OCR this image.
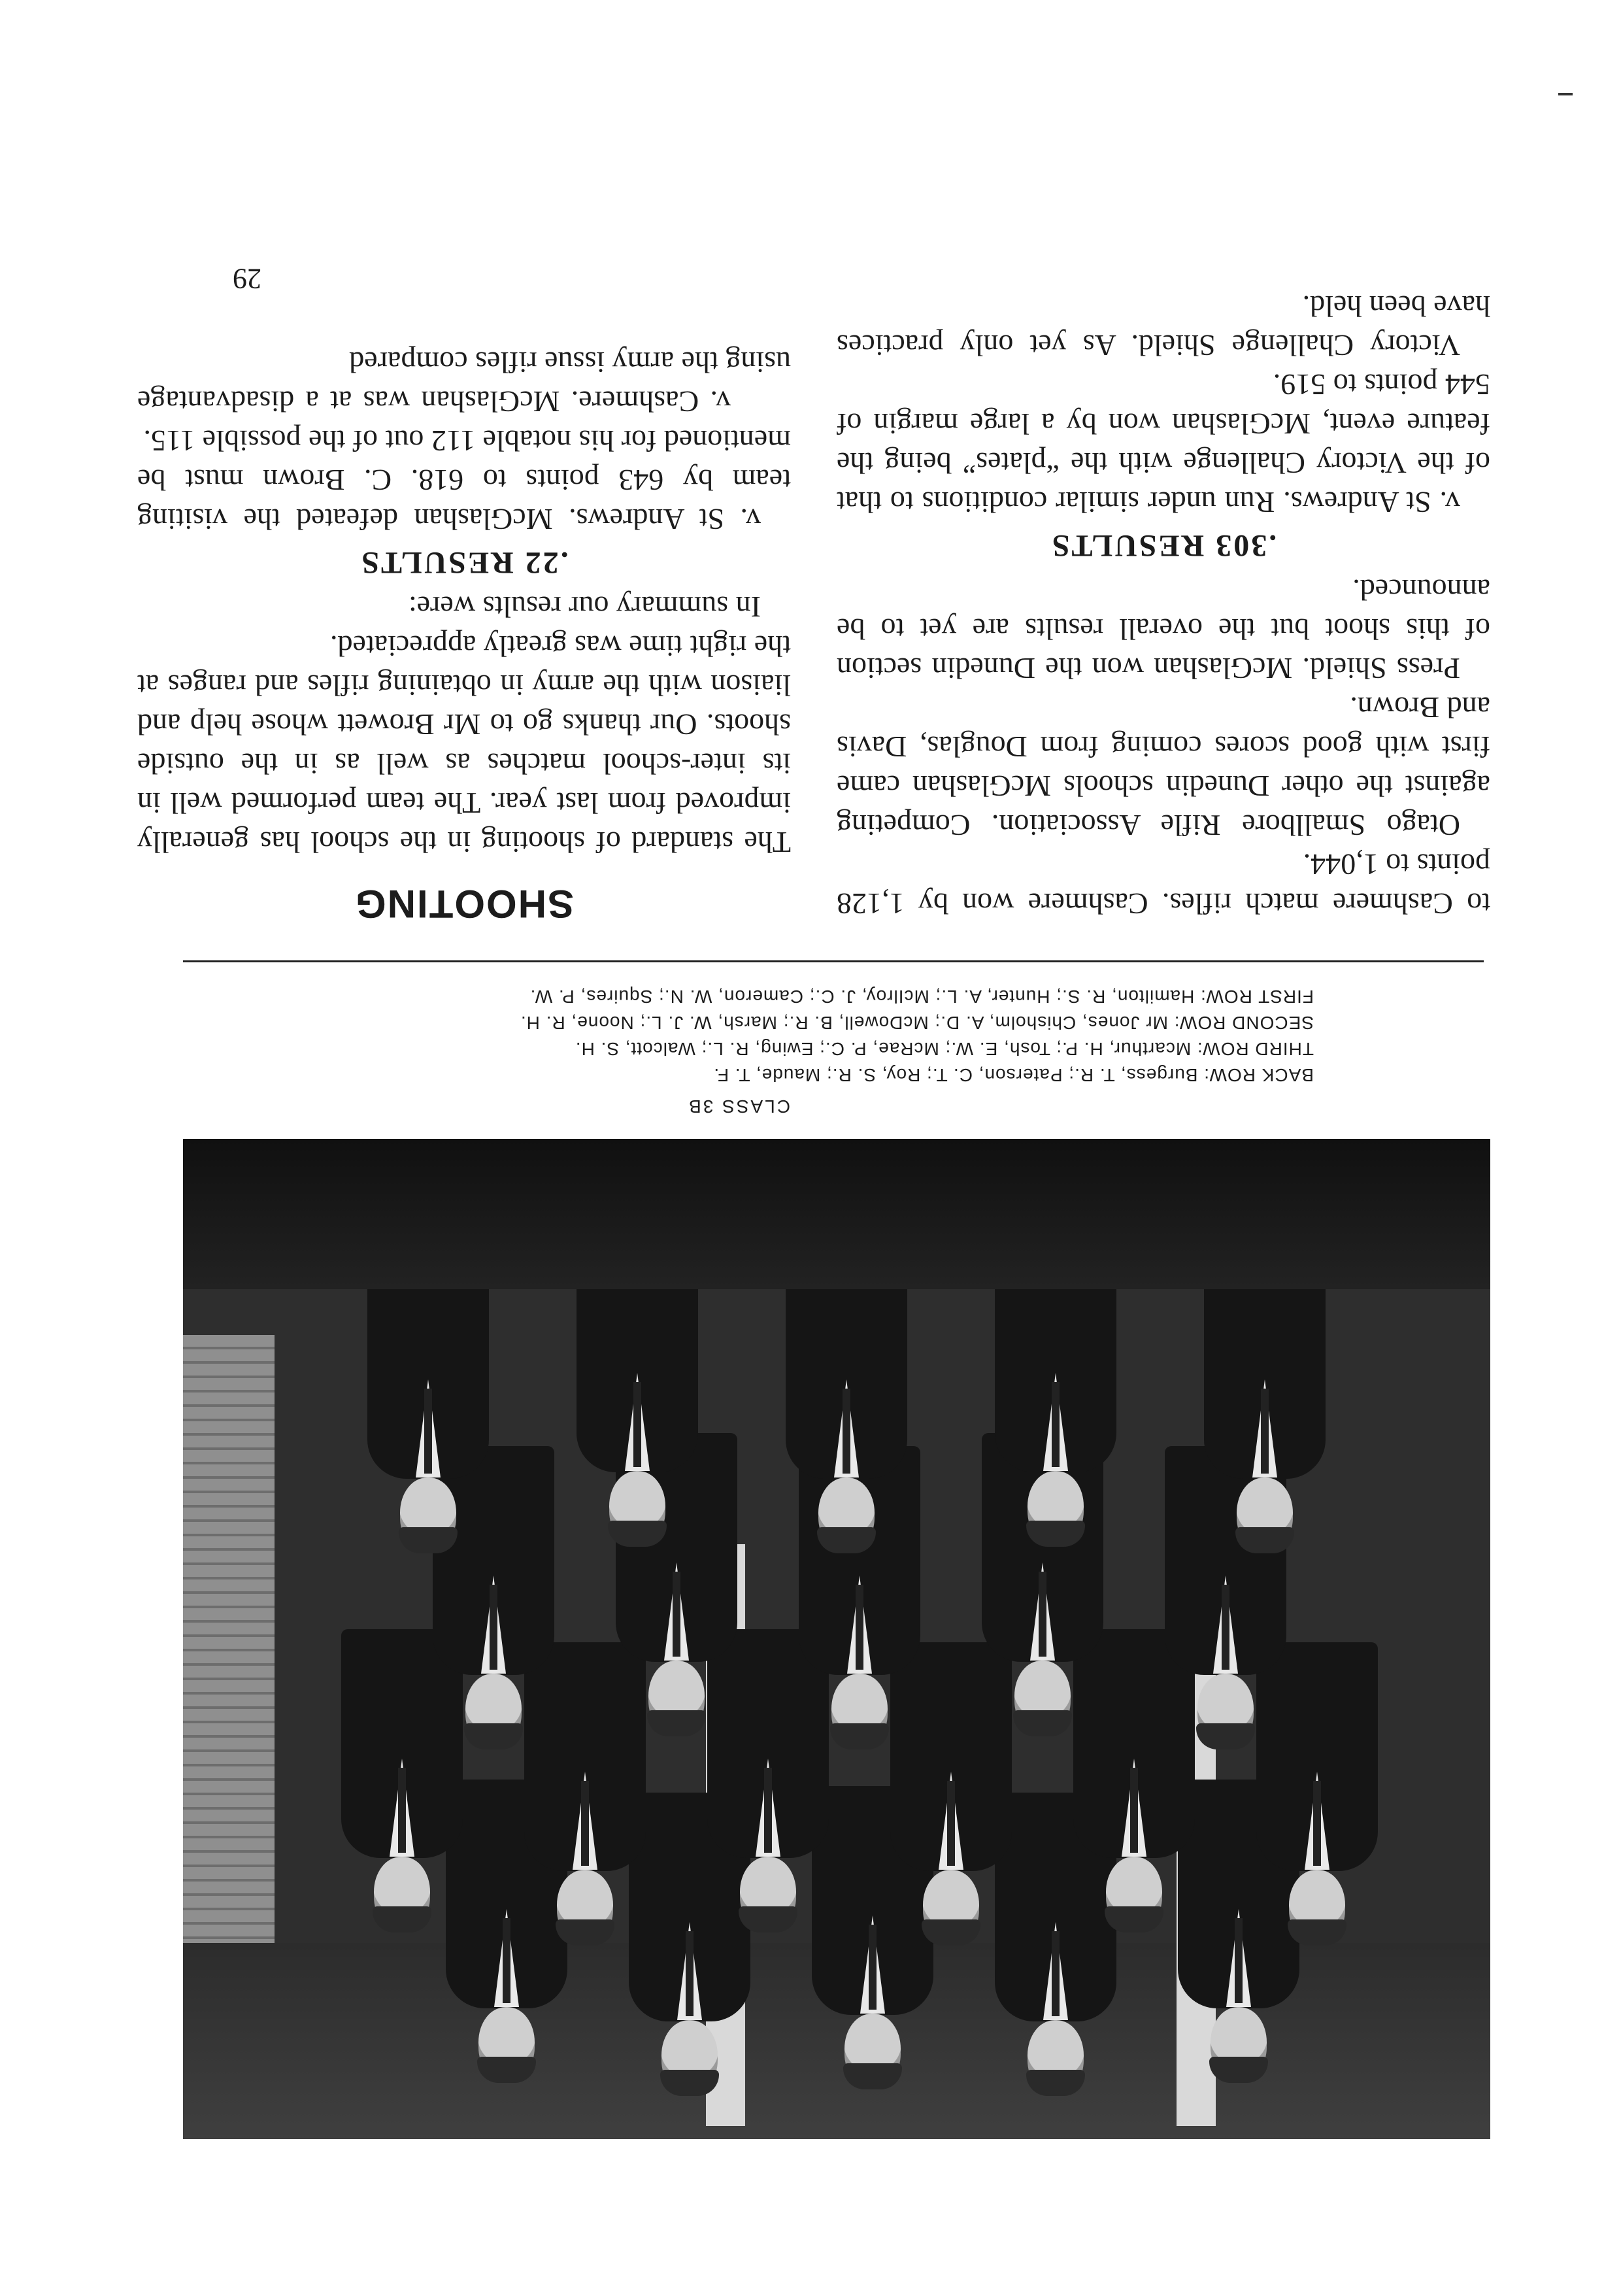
CLASS 3B
BACK ROW: Burgess, T. R.; Paterson, C. T.; Roy, S. R.; Maude, T. F.
THIRD ROW: Mcarthur, H. P.; Tosh, E. W.; McRae, P. C.; Ewing, R. L.; Walcott, S. H.
SECOND ROW: Mr Jones, Chisholm, A. D.; McDowell, B. R.; Marsh, W. J. L.; Noone, R. H.
FIRST ROW: Hamilton, R. S.; Hunter, A. L.; McIlroy, J. C.; Cameron, W. N.; Squires, P. W.
SHOOTING

The standard of shooting in the school has generally improved from last year. The team performed well in its inter-school matches as well as in the outside shoots. Our thanks go to Mr Browett whose help and liaison with the army in obtaining rifles and ranges at the right time was greatly appreciated.

In summary our results were:

.22 RESULTS

v. St Andrews. McGlashan defeated the visiting team by 643 points to 618. C. Brown must be mentioned for his notable 112 out of the possible 115.

v. Cashmere. McGlashan was at a disadvantage using the army issue rifles compared

to Cashmere match rifles. Cashmere won by 1,128 points to 1,044.

Otago Smallbore Rifle Association. Competing against the other Dunedin schools McGlashan came first with good scores coming from Douglas, Davis and Brown.

Press Shield. McGlashan won the Dunedin section of this shoot but the overall results are yet to be announced.

.303 RESULTS

v. St Andrews. Run under similar conditions to that of the Victory Challenge with the “plates” being the feature event, McGlashan won by a large margin of 544 points to 519.

Victory Challenge Shield. As yet only practices have been held.

29
